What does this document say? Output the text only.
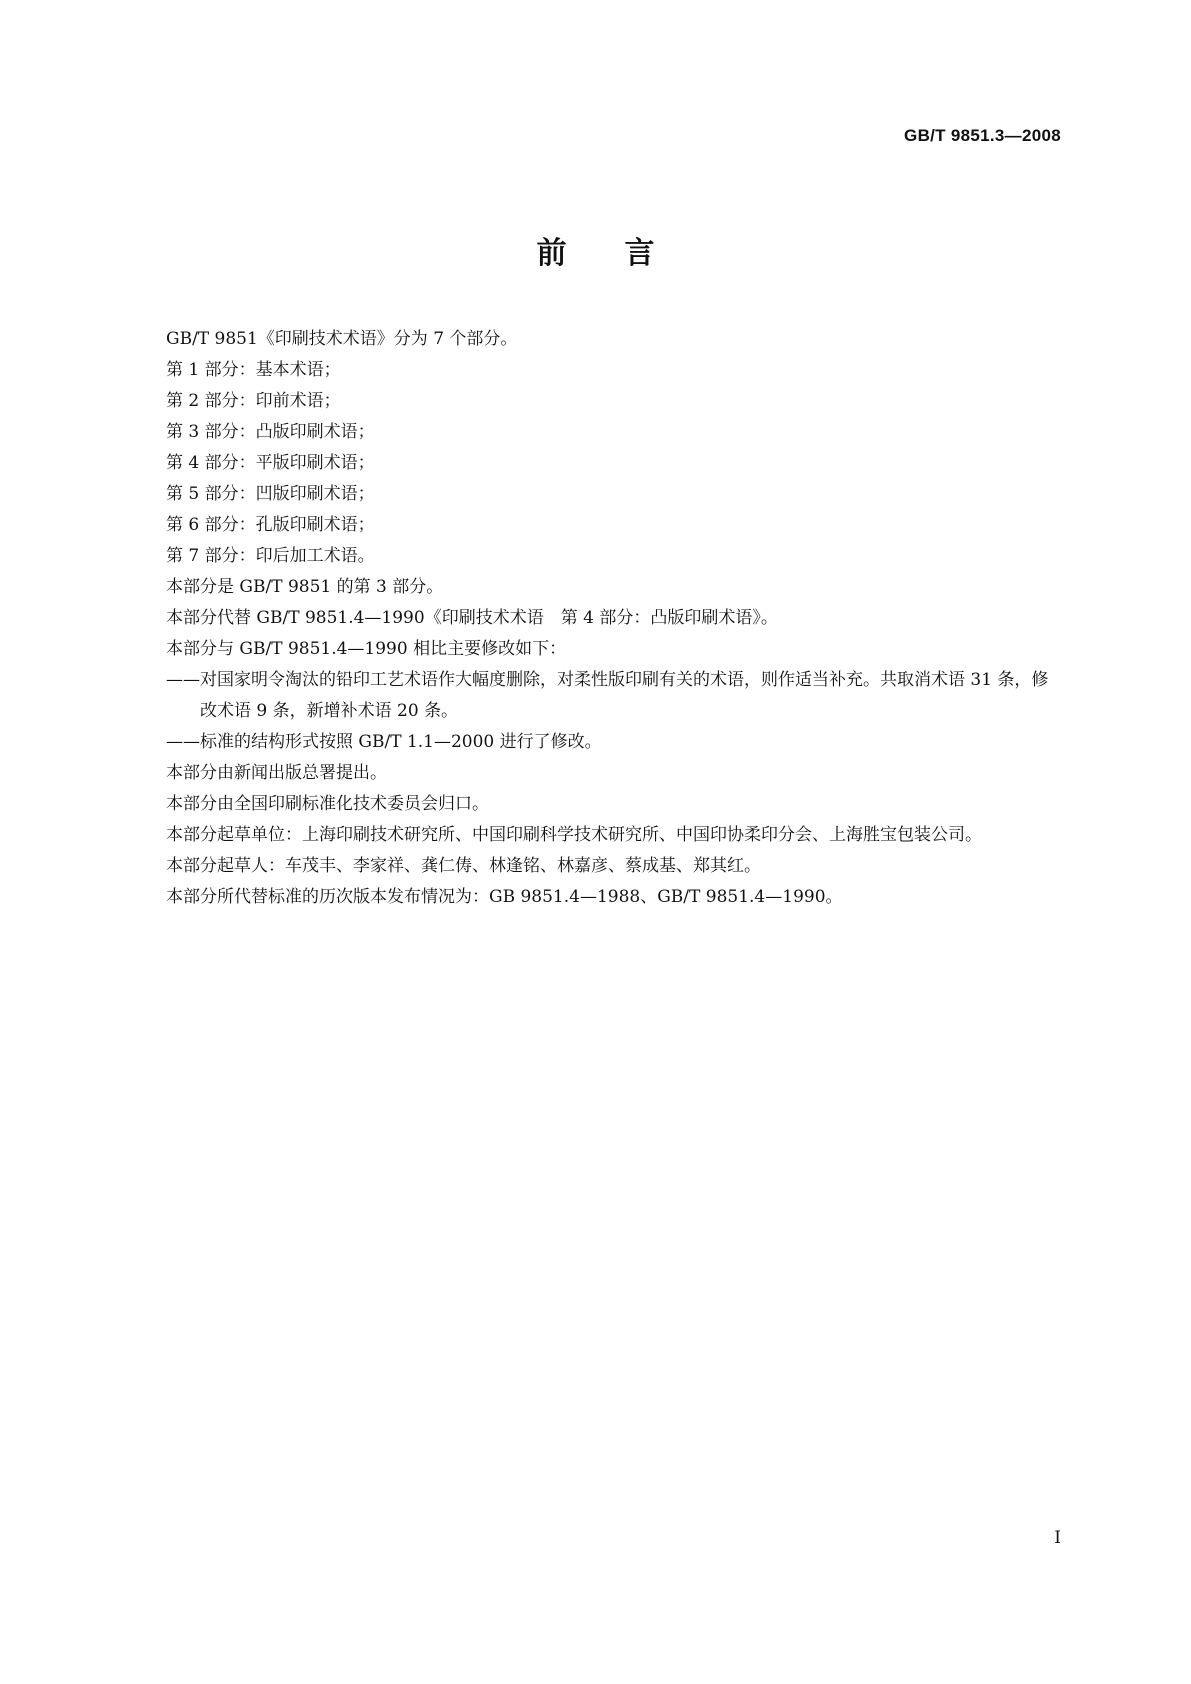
GB/T 9851.3—2008
前言

GB/T 9851《印刷技术术语》分为 7 个部分。

第 1 部分：基本术语；

第 2 部分：印前术语；

第 3 部分：凸版印刷术语；

第 4 部分：平版印刷术语；

第 5 部分：凹版印刷术语；

第 6 部分：孔版印刷术语；

第 7 部分：印后加工术语。

本部分是 GB/T 9851 的第 3 部分。

本部分代替 GB/T 9851.4—1990《印刷技术术语　第 4 部分：凸版印刷术语》。

本部分与 GB/T 9851.4—1990 相比主要修改如下：

——对国家明令淘汰的铅印工艺术语作大幅度删除，对柔性版印刷有关的术语，则作适当补充。共取消术语 31 条，修改术语 9 条，新增补术语 20 条。

——标准的结构形式按照 GB/T 1.1—2000 进行了修改。

本部分由新闻出版总署提出。

本部分由全国印刷标准化技术委员会归口。

本部分起草单位：上海印刷技术研究所、中国印刷科学技术研究所、中国印协柔印分会、上海胜宝包装公司。

本部分起草人：车茂丰、李家祥、龚仁俦、林逢铭、林嘉彦、蔡成基、郑其红。

本部分所代替标准的历次版本发布情况为：GB 9851.4—1988、GB/T 9851.4—1990。

I
